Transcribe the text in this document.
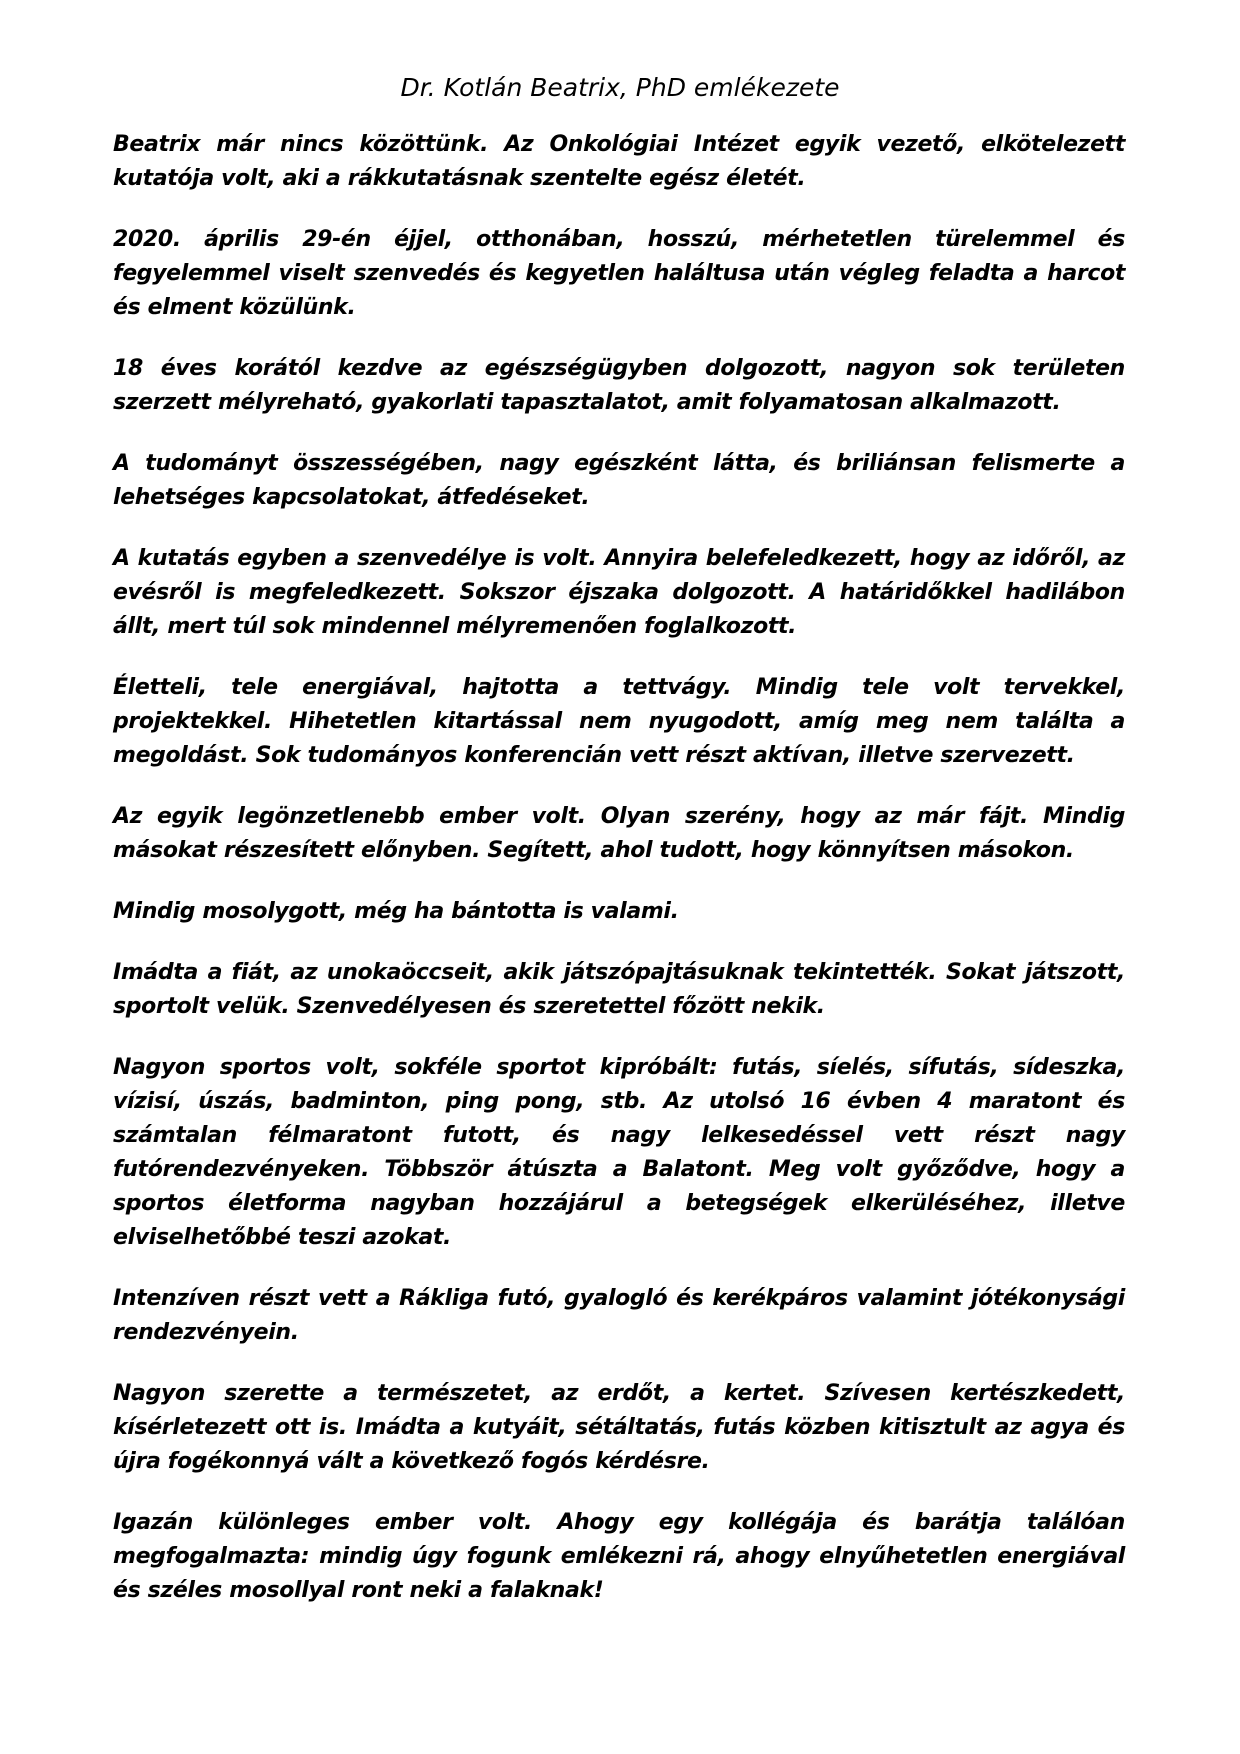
Dr. Kotlán Beatrix, PhD emlékezete

Beatrix már nincs közöttünk. Az Onkológiai Intézet egyik vezető, elkötelezett kutatója volt, aki a rákkutatásnak szentelte egész életét.

2020. április 29-én éjjel, otthonában, hosszú, mérhetetlen türelemmel és fegyelemmel viselt szenvedés és kegyetlen haláltusa után végleg feladta a harcot és elment közülünk.

18 éves korától kezdve az egészségügyben dolgozott, nagyon sok területen szerzett mélyreható, gyakorlati tapasztalatot, amit folyamatosan alkalmazott.

A tudományt összességében, nagy egészként látta, és briliánsan felismerte a lehetséges kapcsolatokat, átfedéseket.

A kutatás egyben a szenvedélye is volt. Annyira belefeledkezett, hogy az időről, az evésről is megfeledkezett. Sokszor éjszaka dolgozott. A határidőkkel hadilábon állt, mert túl sok mindennel mélyremenően foglalkozott.

Életteli, tele energiával, hajtotta a tettvágy. Mindig tele volt tervekkel, projektekkel. Hihetetlen kitartással nem nyugodott, amíg meg nem találta a megoldást. Sok tudományos konferencián vett részt aktívan, illetve szervezett.

Az egyik legönzetlenebb ember volt. Olyan szerény, hogy az már fájt. Mindig másokat részesített előnyben. Segített, ahol tudott, hogy könnyítsen másokon.

Mindig mosolygott, még ha bántotta is valami.

Imádta a fiát, az unokaöccseit, akik játszópajtásuknak tekintették. Sokat játszott, sportolt velük. Szenvedélyesen és szeretettel főzött nekik.

Nagyon sportos volt, sokféle sportot kipróbált: futás, síelés, sífutás, sídeszka, vízisí, úszás, badminton, ping pong, stb. Az utolsó 16 évben 4 maratont és számtalan félmaratont futott, és nagy lelkesedéssel vett részt nagy futórendezvényeken. Többször átúszta a Balatont. Meg volt győződve, hogy a sportos életforma nagyban hozzájárul a betegségek elkerüléséhez, illetve elviselhetőbbé teszi azokat.

Intenzíven részt vett a Rákliga futó, gyalogló és kerékpáros valamint jótékonysági rendezvényein.

Nagyon szerette a természetet, az erdőt, a kertet. Szívesen kertészkedett, kísérletezett ott is. Imádta a kutyáit, sétáltatás, futás közben kitisztult az agya és újra fogékonnyá vált a következő fogós kérdésre.

Igazán különleges ember volt. Ahogy egy kollégája és barátja találóan megfogalmazta: mindig úgy fogunk emlékezni rá, ahogy elnyűhetetlen energiával és széles mosollyal ront neki a falaknak!
